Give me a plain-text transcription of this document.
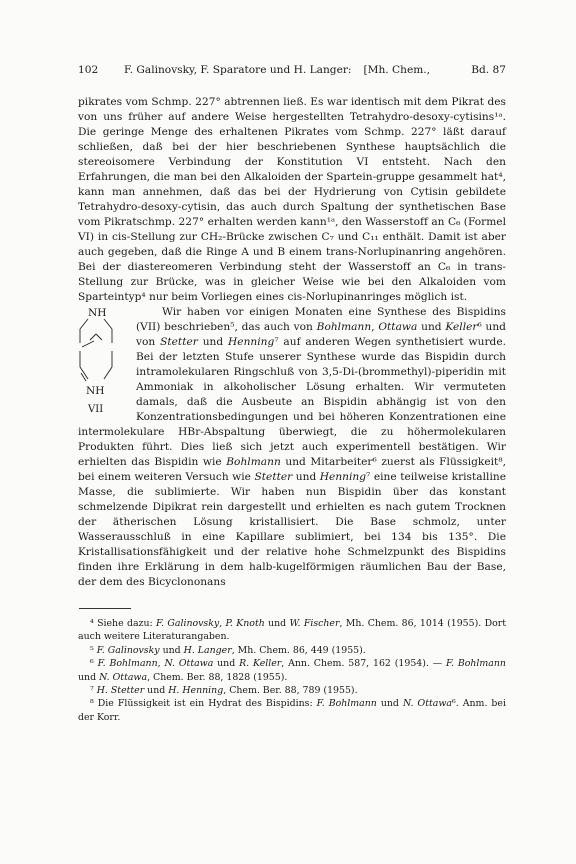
102	F. Galinovsky, F. Sparatore und H. Langer: [Mh. Chem.,	Bd. 87

pikrates vom Schmp. 227° abtrennen ließ. Es war identisch mit dem Pikrat des von uns früher auf andere Weise hergestellten Tetrahydro-desoxy-cytisins¹ᵃ. Die geringe Menge des erhaltenen Pikrates vom Schmp. 227° läßt darauf schließen, daß bei der hier beschriebenen Synthese hauptsächlich die stereoisomere Verbindung der Konstitution VI entsteht. Nach den Erfahrungen, die man bei den Alkaloiden der Spartein-gruppe gesammelt hat⁴, kann man annehmen, daß das bei der Hydrierung von Cytisin gebildete Tetrahydro-desoxy-cytisin, das auch durch Spaltung der synthetischen Base vom Pikratschmp. 227° erhalten werden kann¹ᵃ, den Wasserstoff an C₆ (Formel VI) in cis-Stellung zur CH₂-Brücke zwischen C₇ und C₁₁ enthält. Damit ist aber auch gegeben, daß die Ringe A und B einem trans-Norlupinanring angehören. Bei der diastereomeren Verbindung steht der Wasserstoff an C₆ in trans-Stellung zur Brücke, was in gleicher Weise wie bei den Alkaloiden vom Sparteintyp⁴ nur beim Vorliegen eines cis-Norlupinanringes möglich ist.

NH
NH
VII

Wir haben vor einigen Monaten eine Synthese des Bispidins (VII) beschrieben⁵, das auch von Bohlmann, Ottawa und Keller⁶ und von Stetter und Henning⁷ auf anderen Wegen synthetisiert wurde. Bei der letzten Stufe unserer Synthese wurde das Bispidin durch intramolekularen Ringschluß von 3,5-Di-(brommethyl)-piperidin mit Ammoniak in alkoholischer Lösung erhalten. Wir vermuteten damals, daß die Ausbeute an Bispidin abhängig ist von den Konzentrationsbedingungen und bei höheren Konzentrationen eine intermolekulare HBr-Abspaltung überwiegt, die zu höhermolekularen Produkten führt. Dies ließ sich jetzt auch experimentell bestätigen. Wir erhielten das Bispidin wie Bohlmann und Mitarbeiter⁶ zuerst als Flüssigkeit⁸, bei einem weiteren Versuch wie Stetter und Henning⁷ eine teilweise kristalline Masse, die sublimierte. Wir haben nun Bispidin über das konstant schmelzende Dipikrat rein dargestellt und erhielten es nach gutem Trocknen der ätherischen Lösung kristallisiert. Die Base schmolz, unter Wasserausschluß in eine Kapillare sublimiert, bei 134 bis 135°. Die Kristallisationsfähigkeit und der relative hohe Schmelzpunkt des Bispidins finden ihre Erklärung in dem halb-kugelförmigen räumlichen Bau der Base, der dem des Bicyclononans

⁴ Siehe dazu: F. Galinovsky, P. Knoth und W. Fischer, Mh. Chem. 86, 1014 (1955). Dort auch weitere Literaturangaben.

⁵ F. Galinovsky und H. Langer, Mh. Chem. 86, 449 (1955).

⁶ F. Bohlmann, N. Ottawa und R. Keller, Ann. Chem. 587, 162 (1954). — F. Bohlmann und N. Ottawa, Chem. Ber. 88, 1828 (1955).

⁷ H. Stetter und H. Henning, Chem. Ber. 88, 789 (1955).

⁸ Die Flüssigkeit ist ein Hydrat des Bispidins: F. Bohlmann und N. Ottawa⁶. Anm. bei der Korr.
